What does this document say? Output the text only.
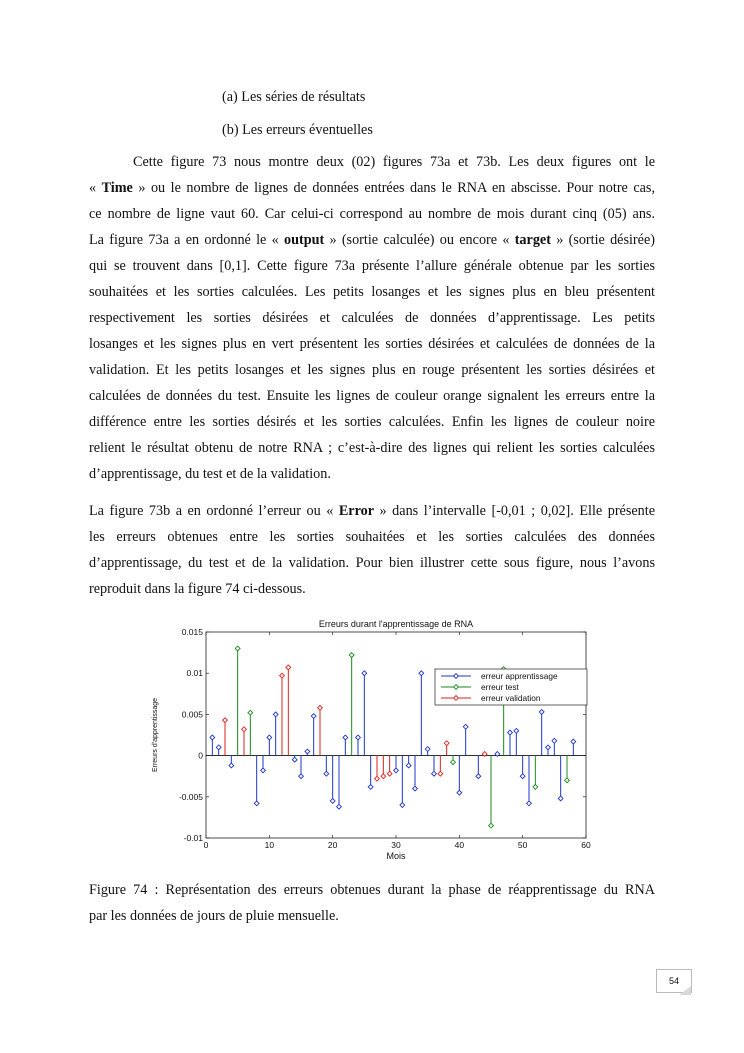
(a) Les séries de résultats
(b) Les erreurs éventuelles
Cette figure 73 nous montre deux (02) figures 73a et 73b. Les deux figures ont le
« Time » ou le nombre de lignes de données entrées dans le RNA en abscisse. Pour notre cas,
ce nombre de ligne vaut 60. Car celui-ci correspond au nombre de mois durant cinq (05) ans.
La figure 73a a en ordonné le « output » (sortie calculée) ou encore « target » (sortie désirée)
qui se trouvent dans [0,1]. Cette figure 73a présente l’allure générale obtenue par les sorties
souhaitées et les sorties calculées. Les petits losanges et les signes plus en bleu présentent
respectivement les sorties désirées et calculées de données d’apprentissage. Les petits
losanges et les signes plus en vert présentent les sorties désirées et calculées de données de la
validation. Et les petits losanges et les signes plus en rouge présentent les sorties désirées et
calculées de données du test. Ensuite les lignes de couleur orange signalent les erreurs entre la
différence entre les sorties désirés et les sorties calculées. Enfin les lignes de couleur noire
relient le résultat obtenu de notre RNA ; c’est-à-dire des lignes qui relient les sorties calculées
d’apprentissage, du test et de la validation.
La figure 73b a en ordonné l’erreur ou « Error » dans l’intervalle [-0,01 ; 0,02]. Elle présente
les erreurs obtenues entre les sorties souhaitées et les sorties calculées des données
d’apprentissage, du test et de la validation. Pour bien illustrer cette sous figure, nous l’avons
reproduit dans la figure 74 ci-dessous.
Erreurs durant l'apprentissage de RNA
Mois
Erreurs d'apprentissage
0	10	20	30	40	50	60
-0.01
-0.005
0
0.005
0.01
0.015
erreur apprentissage
erreur test
erreur validation
Figure 74 : Représentation des erreurs obtenues durant la phase de réapprentissage du RNA
par les données de jours de pluie mensuelle.
54
